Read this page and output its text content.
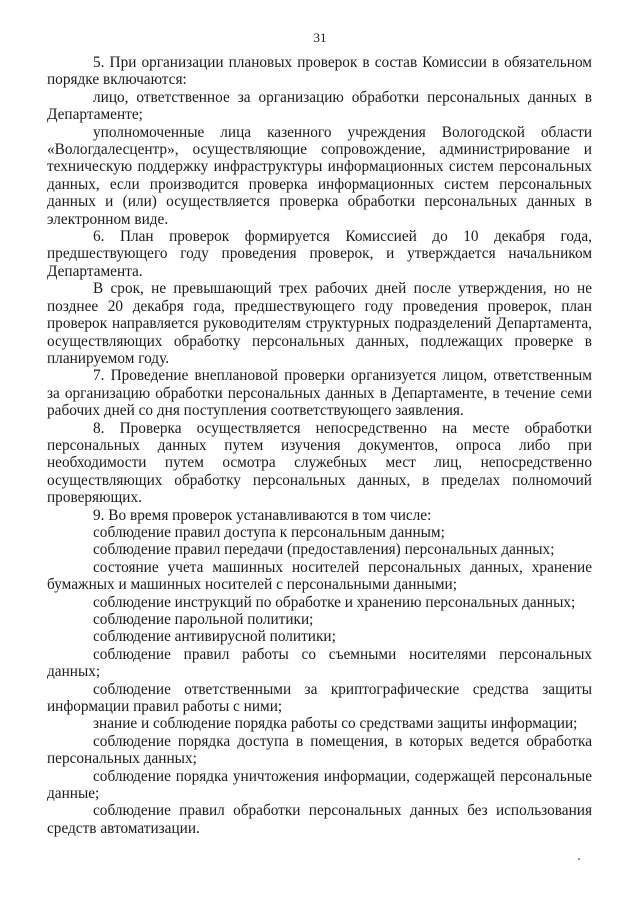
31

5. При организации плановых проверок в состав Комиссии в обязательном порядке включаются:

лицо, ответственное за организацию обработки персональных данных в Департаменте;

уполномоченные лица казенного учреждения Вологодской области «Вологдалесцентр», осуществляющие сопровождение, администрирование и техническую поддержку инфраструктуры информационных систем персональных данных, если производится проверка информационных систем персональных данных и (или) осуществляется проверка обработки персональных данных в электронном виде.

6. План проверок формируется Комиссией до 10 декабря года, предшествующего году проведения проверок, и утверждается начальником Департамента.

В срок, не превышающий трех рабочих дней после утверждения, но не позднее 20 декабря года, предшествующего году проведения проверок, план проверок направляется руководителям структурных подразделений Департамента, осуществляющих обработку персональных данных, подлежащих проверке в планируемом году.

7. Проведение внеплановой проверки организуется лицом, ответственным за организацию обработки персональных данных в Департаменте, в течение семи рабочих дней со дня поступления соответствующего заявления.

8. Проверка осуществляется непосредственно на месте обработки персональных данных путем изучения документов, опроса либо при необходимости путем осмотра служебных мест лиц, непосредственно осуществляющих обработку персональных данных, в пределах полномочий проверяющих.

9. Во время проверок устанавливаются в том числе:

соблюдение правил доступа к персональным данным;

соблюдение правил передачи (предоставления) персональных данных;

состояние учета машинных носителей персональных данных, хранение бумажных и машинных носителей с персональными данными;

соблюдение инструкций по обработке и хранению персональных данных;

соблюдение парольной политики;

соблюдение антивирусной политики;

соблюдение правил работы со съемными носителями персональных данных;

соблюдение ответственными за криптографические средства защиты информации правил работы с ними;

знание и соблюдение порядка работы со средствами защиты информации;

соблюдение порядка доступа в помещения, в которых ведется обработка персональных данных;

соблюдение порядка уничтожения информации, содержащей персональные данные;

соблюдение правил обработки персональных данных без использования средств автоматизации.
